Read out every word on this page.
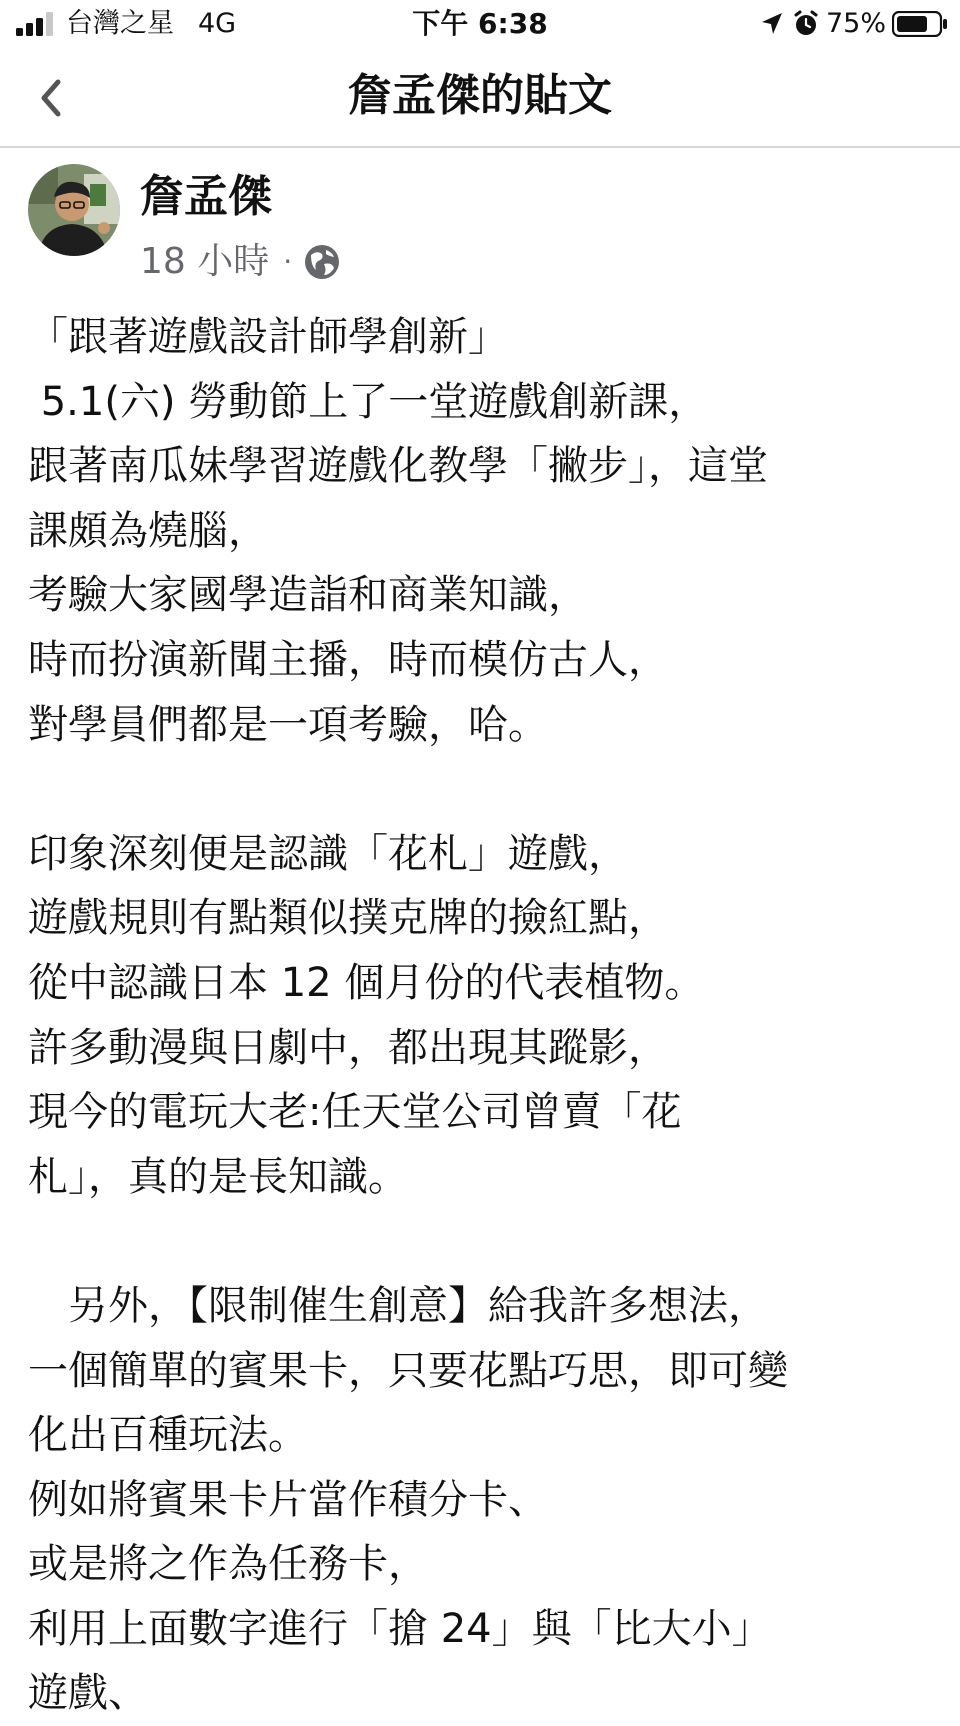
台灣之星 4G	下午 6:38	75%
詹孟傑的貼文
詹孟傑
18 小時 ·
「跟著遊戲設計師學創新」
5.1(六) 勞動節上了一堂遊戲創新課，
跟著南瓜妹學習遊戲化教學「撇步」，這堂
課頗為燒腦，
考驗大家國學造詣和商業知識，
時而扮演新聞主播，時而模仿古人，
對學員們都是一項考驗，哈。
印象深刻便是認識「花札」遊戲，
遊戲規則有點類似撲克牌的撿紅點，
從中認識日本 12 個月份的代表植物。
許多動漫與日劇中，都出現其蹤影，
現今的電玩大老:任天堂公司曾賣「花
札」，真的是長知識。
　另外，【限制催生創意】給我許多想法，
一個簡單的賓果卡，只要花點巧思，即可變
化出百種玩法。
例如將賓果卡片當作積分卡、
或是將之作為任務卡，
利用上面數字進行「搶 24」與「比大小」
遊戲、
